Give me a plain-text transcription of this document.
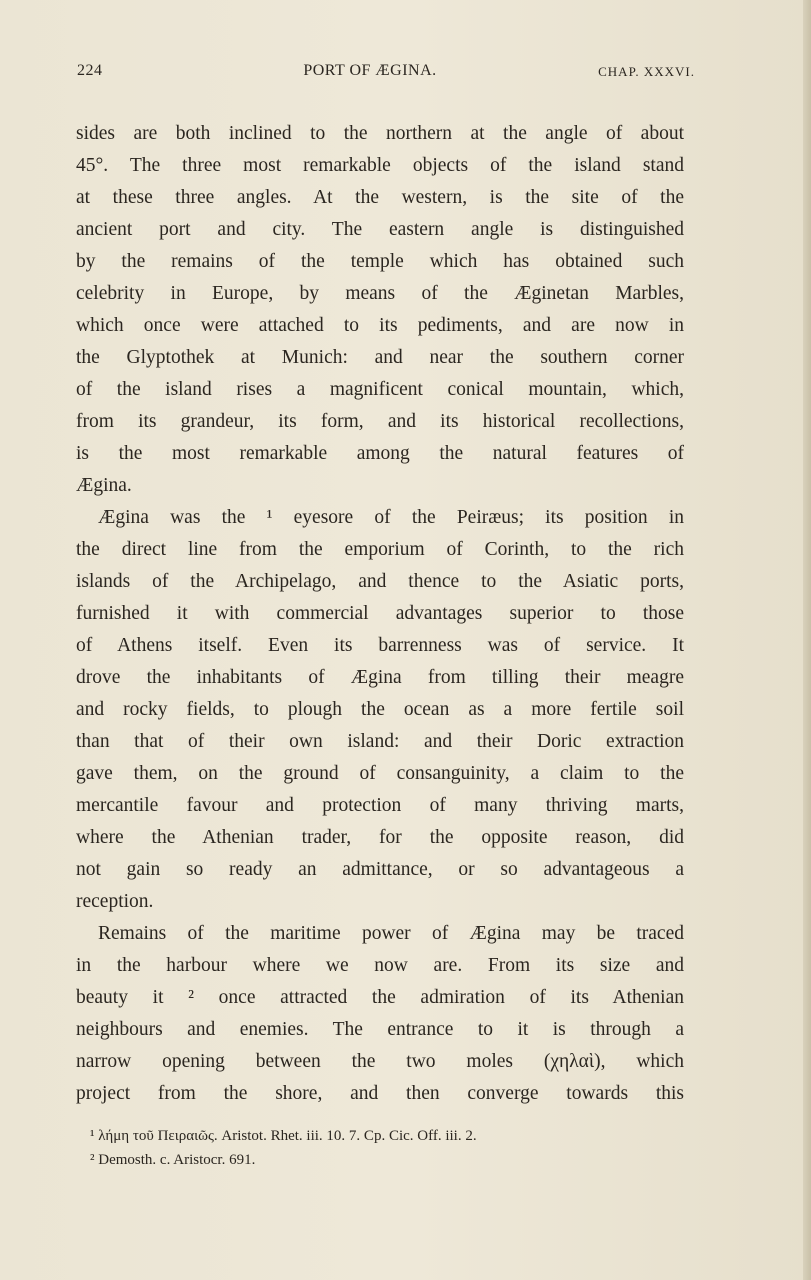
224	PORT OF ÆGINA.	CHAP. XXXVI.
sides are both inclined to the northern at the angle of about
45°. The three most remarkable objects of the island stand
at these three angles. At the western, is the site of the
ancient port and city. The eastern angle is distinguished
by the remains of the temple which has obtained such
celebrity in Europe, by means of the Æginetan Marbles,
which once were attached to its pediments, and are now in
the Glyptothek at Munich: and near the southern corner
of the island rises a magnificent conical mountain, which,
from its grandeur, its form, and its historical recollections,
is the most remarkable among the natural features of
Ægina.
Ægina was the ¹ eyesore of the Peiræus; its position in
the direct line from the emporium of Corinth, to the rich
islands of the Archipelago, and thence to the Asiatic ports,
furnished it with commercial advantages superior to those
of Athens itself. Even its barrenness was of service. It
drove the inhabitants of Ægina from tilling their meagre
and rocky fields, to plough the ocean as a more fertile soil
than that of their own island: and their Doric extraction
gave them, on the ground of consanguinity, a claim to the
mercantile favour and protection of many thriving marts,
where the Athenian trader, for the opposite reason, did
not gain so ready an admittance, or so advantageous a
reception.
Remains of the maritime power of Ægina may be traced
in the harbour where we now are. From its size and
beauty it ² once attracted the admiration of its Athenian
neighbours and enemies. The entrance to it is through a
narrow opening between the two moles (χηλαὶ), which
project from the shore, and then converge towards this
¹ λήμη τοῦ Πειραιῶς. Aristot. Rhet. iii. 10. 7. Cp. Cic. Off. iii. 2.
² Demosth. c. Aristocr. 691.
